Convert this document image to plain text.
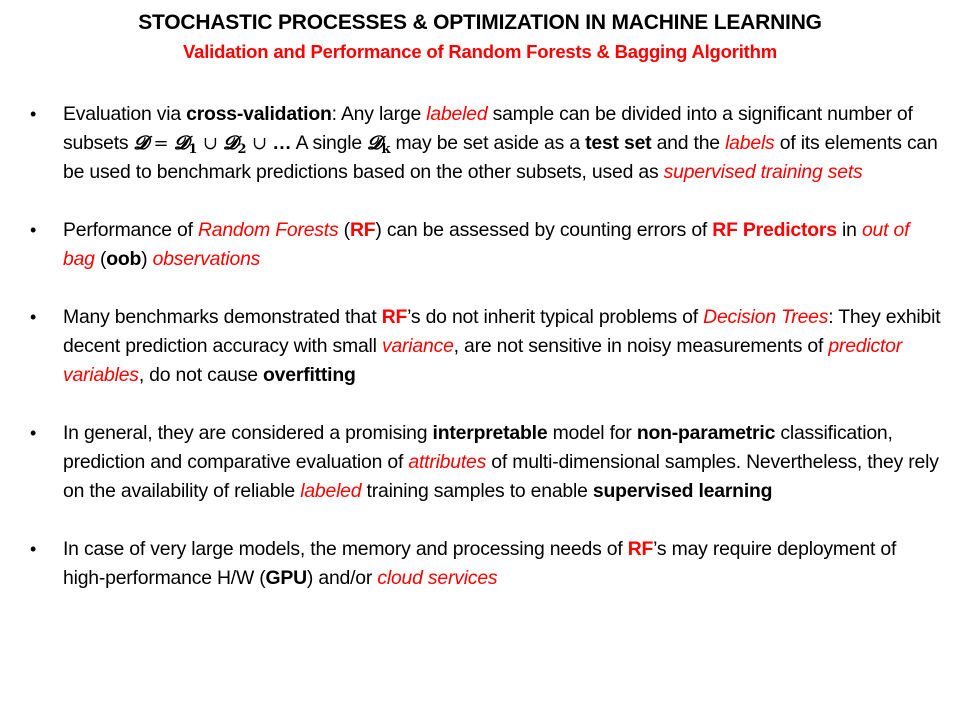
STOCHASTIC PROCESSES & OPTIMIZATION IN MACHINE LEARNING
Validation and Performance of Random Forests & Bagging Algorithm
•	Evaluation via cross-validation: Any large labeled sample can be divided into a significant number of subsets 𝓓 = 𝓓$_1$ ∪ 𝓓$_2$ ∪ … A single 𝓓$_k$ may be set aside as a test set and the labels of its elements can be used to benchmark predictions based on the other subsets, used as supervised training sets
•	Performance of Random Forests (RF) can be assessed by counting errors of RF Predictors in out of bag (oob) observations
•	Many benchmarks demonstrated that RF’s do not inherit typical problems of Decision Trees: They exhibit decent prediction accuracy with small variance, are not sensitive in noisy measurements of predictor variables, do not cause overfitting
•	In general, they are considered a promising interpretable model for non-parametric classification, prediction and comparative evaluation of attributes of multi-dimensional samples. Nevertheless, they rely on the availability of reliable labeled training samples to enable supervised learning
•	In case of very large models, the memory and processing needs of RF’s may require deployment of high-performance H/W (GPU) and/or cloud services
